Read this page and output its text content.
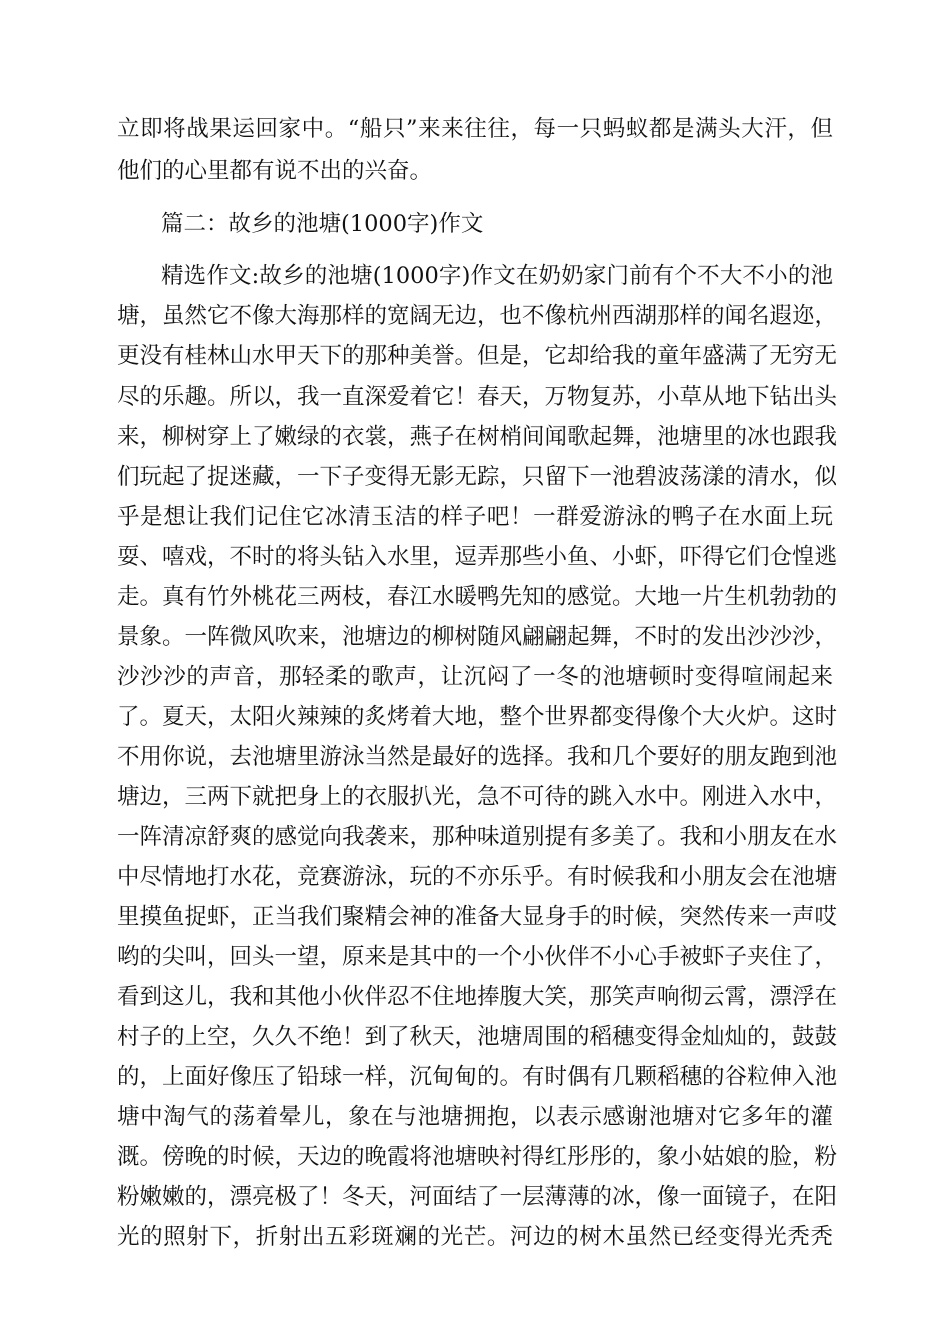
立即将战果运回家中。“船只”来来往往，每一只蚂蚁都是满头大汗，但
他们的心里都有说不出的兴奋。
篇二：故乡的池塘(1000字)作文
精选作文:故乡的池塘(1000字)作文在奶奶家门前有个不大不小的池
塘，虽然它不像大海那样的宽阔无边，也不像杭州西湖那样的闻名遐迩，
更没有桂林山水甲天下的那种美誉。但是，它却给我的童年盛满了无穷无
尽的乐趣。所以，我一直深爱着它！春天，万物复苏，小草从地下钻出头
来，柳树穿上了嫩绿的衣裳，燕子在树梢间闻歌起舞，池塘里的冰也跟我
们玩起了捉迷藏，一下子变得无影无踪，只留下一池碧波荡漾的清水，似
乎是想让我们记住它冰清玉洁的样子吧！一群爱游泳的鸭子在水面上玩
耍、嘻戏，不时的将头钻入水里，逗弄那些小鱼、小虾，吓得它们仓惶逃
走。真有竹外桃花三两枝，春江水暖鸭先知的感觉。大地一片生机勃勃的
景象。一阵微风吹来，池塘边的柳树随风翩翩起舞，不时的发出沙沙沙，
沙沙沙的声音，那轻柔的歌声，让沉闷了一冬的池塘顿时变得喧闹起来
了。夏天，太阳火辣辣的炙烤着大地，整个世界都变得像个大火炉。这时
不用你说，去池塘里游泳当然是最好的选择。我和几个要好的朋友跑到池
塘边，三两下就把身上的衣服扒光，急不可待的跳入水中。刚进入水中，
一阵清凉舒爽的感觉向我袭来，那种味道别提有多美了。我和小朋友在水
中尽情地打水花，竞赛游泳，玩的不亦乐乎。有时候我和小朋友会在池塘
里摸鱼捉虾，正当我们聚精会神的准备大显身手的时候，突然传来一声哎
哟的尖叫，回头一望，原来是其中的一个小伙伴不小心手被虾子夹住了，
看到这儿，我和其他小伙伴忍不住地捧腹大笑，那笑声响彻云霄，漂浮在
村子的上空，久久不绝！到了秋天，池塘周围的稻穗变得金灿灿的，鼓鼓
的，上面好像压了铅球一样，沉甸甸的。有时偶有几颗稻穗的谷粒伸入池
塘中淘气的荡着晕儿，象在与池塘拥抱，以表示感谢池塘对它多年的灌
溉。傍晚的时候，天边的晚霞将池塘映衬得红彤彤的，象小姑娘的脸，粉
粉嫩嫩的，漂亮极了！冬天，河面结了一层薄薄的冰，像一面镜子，在阳
光的照射下，折射出五彩斑斓的光芒。河边的树木虽然已经变得光秃秃
